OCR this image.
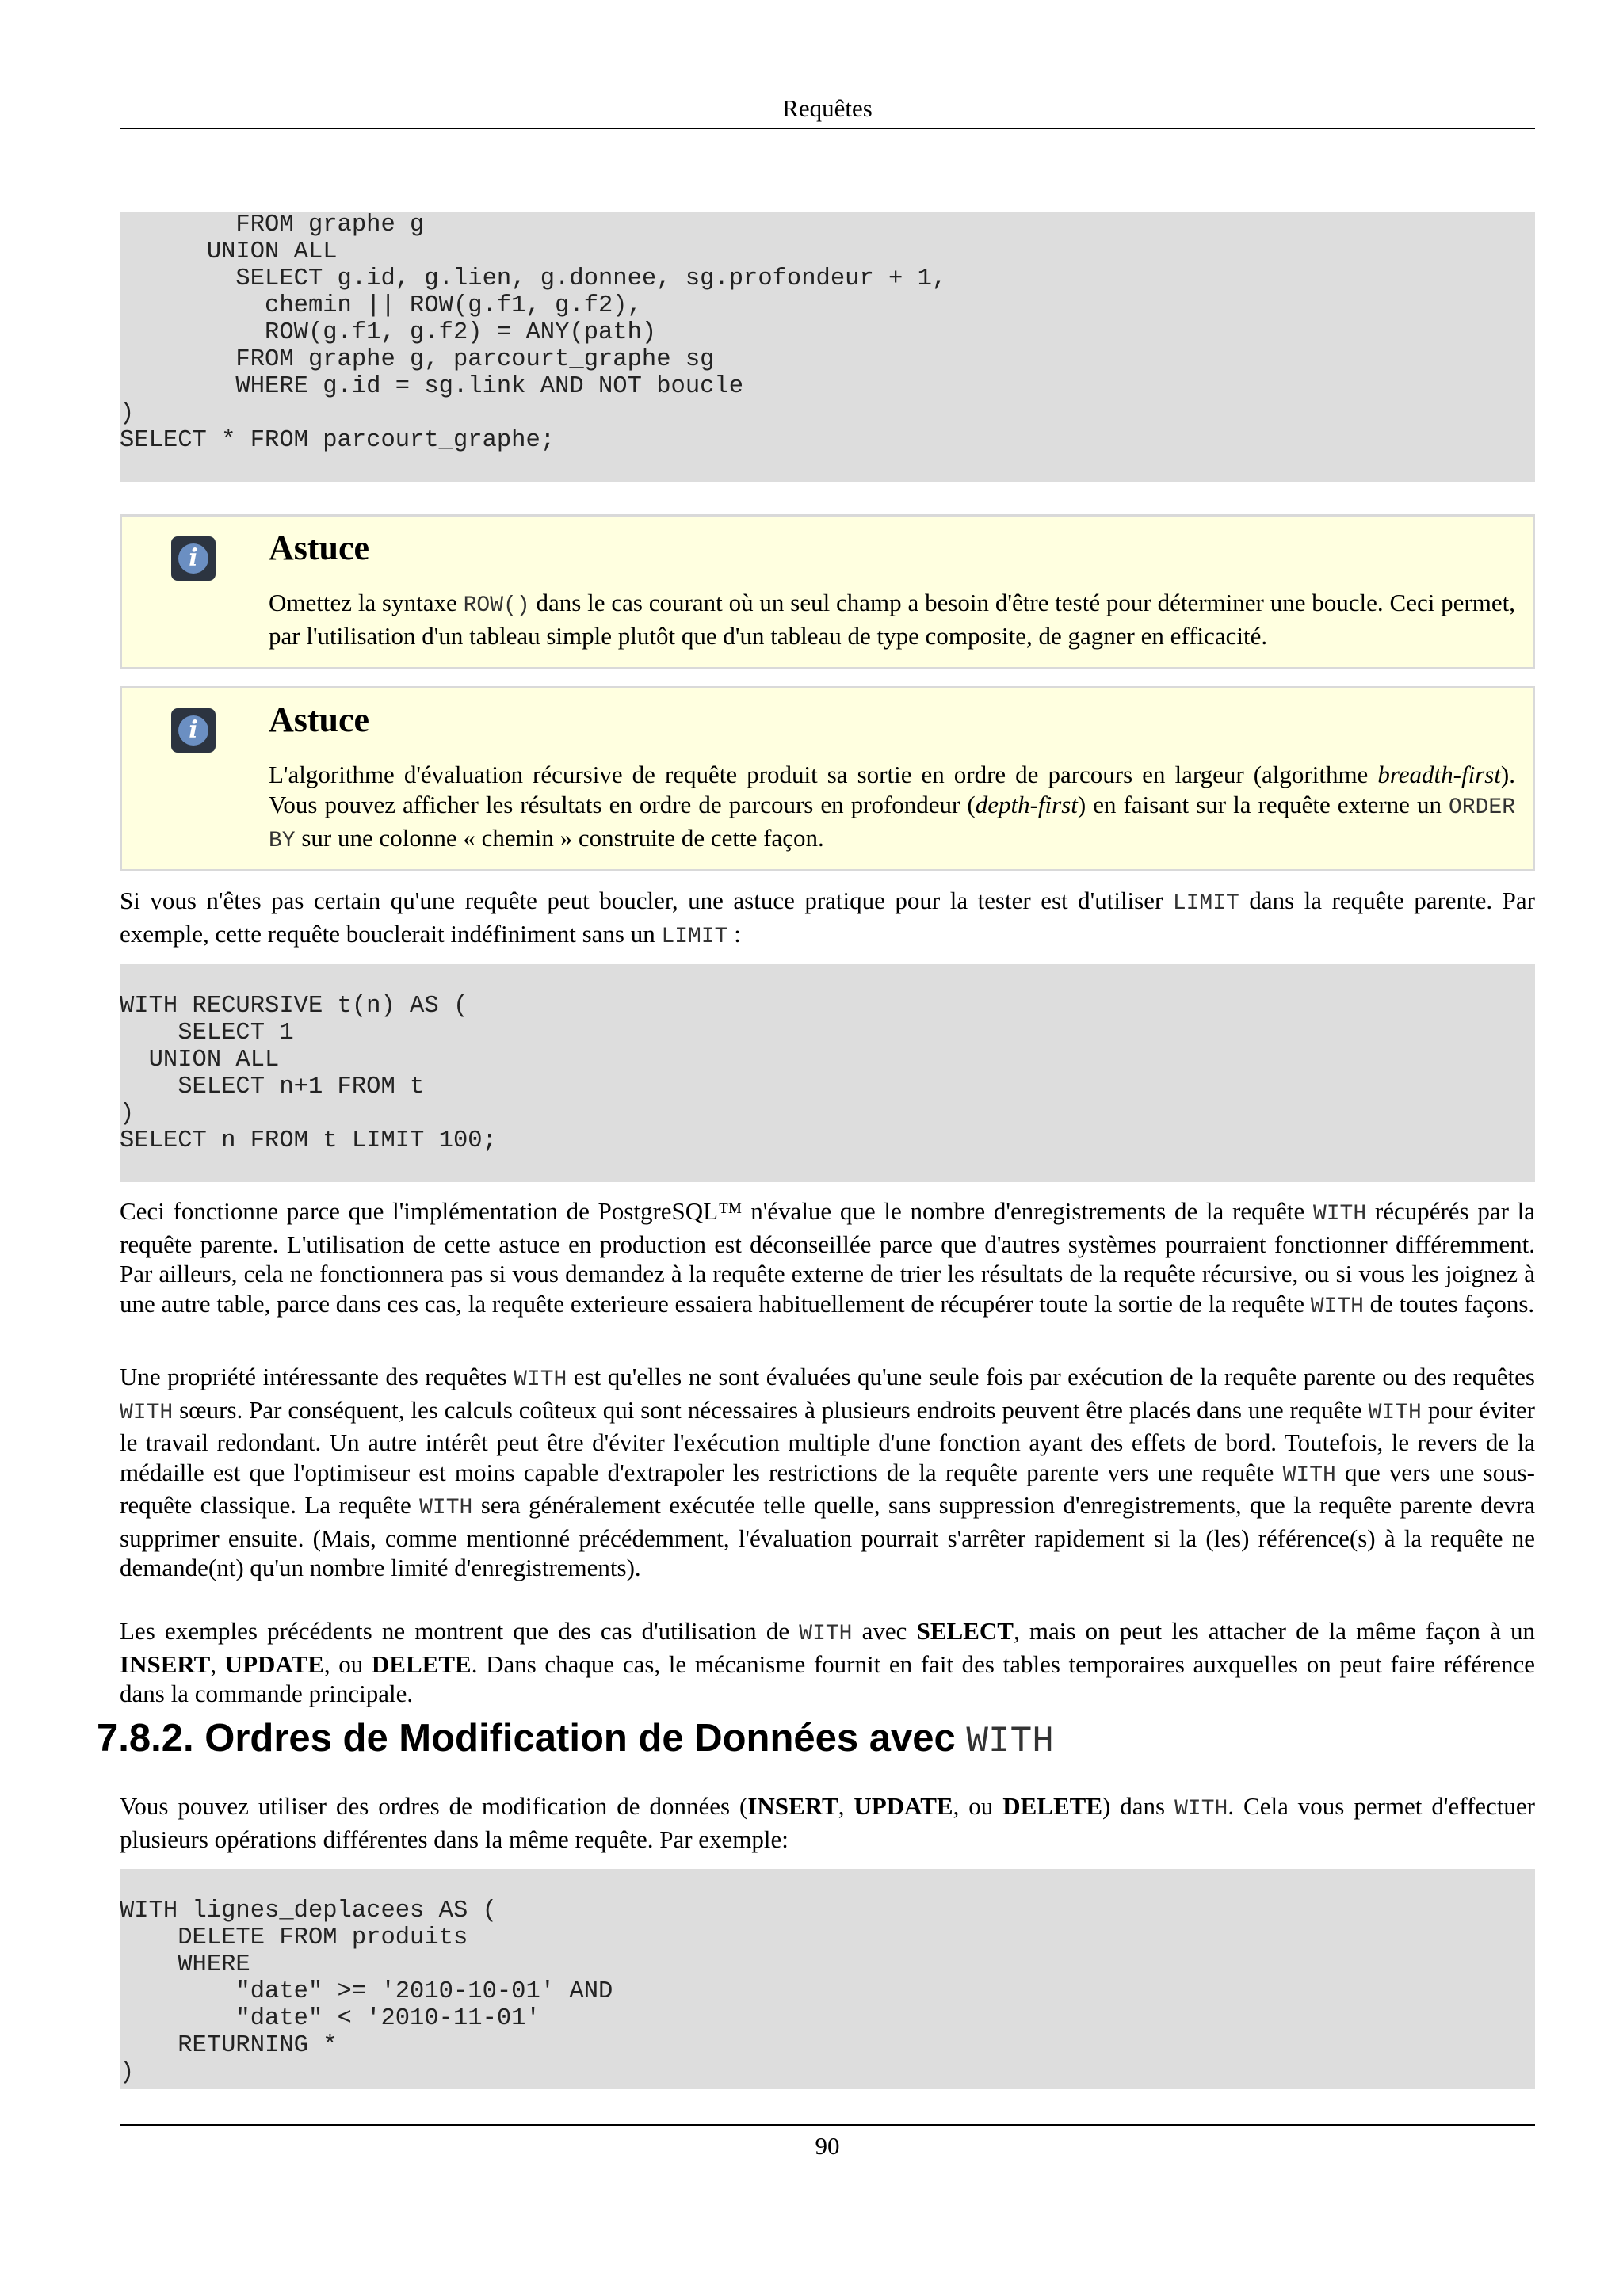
Requêtes
FROM graphe g
UNION ALL
SELECT g.id, g.lien, g.donnee, sg.profondeur + 1,
chemin || ROW(g.f1, g.f2),
ROW(g.f1, g.f2) = ANY(path)
FROM graphe g, parcourt_graphe sg
WHERE g.id = sg.link AND NOT boucle
)
SELECT * FROM parcourt_graphe;
i	Astuce
Omettez la syntaxe ROW() dans le cas courant où un seul champ a besoin d'être testé pour déterminer une boucle. Ceci permet, par l'utilisation d'un tableau simple plutôt que d'un tableau de type composite, de gagner en efficacité.
i	Astuce
L'algorithme d'évaluation récursive de requête produit sa sortie en ordre de parcours en largeur (algorithme breadth-first). Vous pouvez afficher les résultats en ordre de parcours en profondeur (depth-first) en faisant sur la requête externe un ORDER BY sur une colonne « chemin » construite de cette façon.
Si vous n'êtes pas certain qu'une requête peut boucler, une astuce pratique pour la tester est d'utiliser LIMIT dans la requête parente. Par exemple, cette requête bouclerait indéfiniment sans un LIMIT :
WITH RECURSIVE t(n) AS (
SELECT 1
UNION ALL
SELECT n+1 FROM t
)
SELECT n FROM t LIMIT 100;
Ceci fonctionne parce que l'implémentation de PostgreSQL™ n'évalue que le nombre d'enregistrements de la requête WITH récupérés par la requête parente. L'utilisation de cette astuce en production est déconseillée parce que d'autres systèmes pourraient fonctionner différemment. Par ailleurs, cela ne fonctionnera pas si vous demandez à la requête externe de trier les résultats de la requête récursive, ou si vous les joignez à une autre table, parce dans ces cas, la requête exterieure essaiera habituellement de récupérer toute la sortie de la requête WITH de toutes façons.
Une propriété intéressante des requêtes WITH est qu'elles ne sont évaluées qu'une seule fois par exécution de la requête parente ou des requêtes WITH sœurs. Par conséquent, les calculs coûteux qui sont nécessaires à plusieurs endroits peuvent être placés dans une requête WITH pour éviter le travail redondant. Un autre intérêt peut être d'éviter l'exécution multiple d'une fonction ayant des effets de bord. Toutefois, le revers de la médaille est que l'optimiseur est moins capable d'extrapoler les restrictions de la requête parente vers une requête WITH que vers une sous-requête classique. La requête WITH sera généralement exécutée telle quelle, sans suppression d'enregistrements, que la requête parente devra supprimer ensuite. (Mais, comme mentionné précédemment, l'évaluation pourrait s'arrêter rapidement si la (les) référence(s) à la requête ne demande(nt) qu'un nombre limité d'enregistrements).
Les exemples précédents ne montrent que des cas d'utilisation de WITH avec SELECT, mais on peut les attacher de la même façon à un INSERT, UPDATE, ou DELETE. Dans chaque cas, le mécanisme fournit en fait des tables temporaires auxquelles on peut faire référence dans la commande principale.
7.8.2. Ordres de Modification de Données avec WITH
Vous pouvez utiliser des ordres de modification de données (INSERT, UPDATE, ou DELETE) dans WITH. Cela vous permet d'effectuer plusieurs opérations différentes dans la même requête. Par exemple:
WITH lignes_deplacees AS (
DELETE FROM produits
WHERE
"date" >= '2010-10-01' AND
"date" < '2010-11-01'
RETURNING *
)
90
